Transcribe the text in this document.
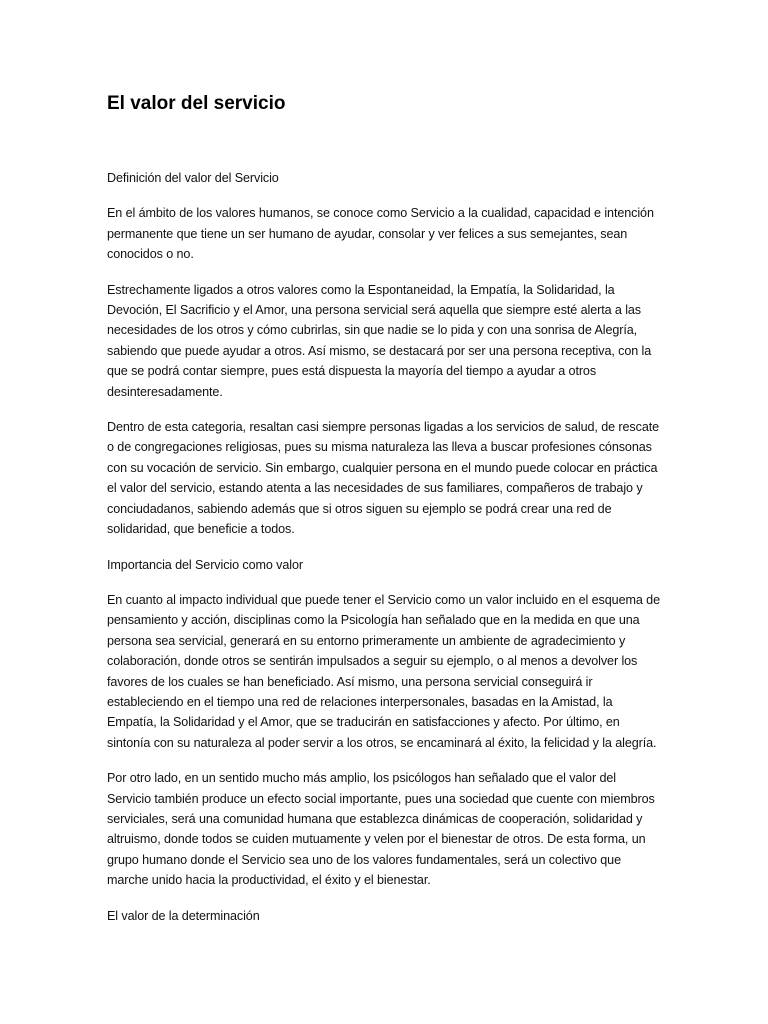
El valor del servicio

Definición del valor del Servicio

En el ámbito de los valores humanos, se conoce como Servicio a la cualidad, capacidad e intención permanente que tiene un ser humano de ayudar, consolar y ver felices a sus semejantes, sean conocidos o no.

Estrechamente ligados a otros valores como la Espontaneidad, la Empatía, la Solidaridad, la Devoción, El Sacrificio y el Amor, una persona servicial será aquella que siempre esté alerta a las necesidades de los otros y cómo cubrirlas, sin que nadie se lo pida y con una sonrisa de Alegría, sabiendo que puede ayudar a otros. Así mismo, se destacará por ser una persona receptiva, con la que se podrá contar siempre, pues está dispuesta la mayoría del tiempo a ayudar a otros desinteresadamente.

Dentro de esta categoria, resaltan casi siempre personas ligadas a los servicios de salud, de rescate o de congregaciones religiosas, pues su misma naturaleza las lleva a buscar profesiones cónsonas con su vocación de servicio. Sin embargo, cualquier persona en el mundo puede colocar en práctica el valor del servicio, estando atenta a las necesidades de sus familiares, compañeros de trabajo y conciudadanos, sabiendo además que si otros siguen su ejemplo se podrá crear una red de solidaridad, que beneficie a todos.

Importancia del Servicio como valor

En cuanto al impacto individual que puede tener el Servicio como un valor incluido en el esquema de pensamiento y acción, disciplinas como la Psicología han señalado que en la medida en que una persona sea servicial, generará en su entorno primeramente un ambiente de agradecimiento y colaboración, donde otros se sentirán impulsados a seguir su ejemplo, o al menos a devolver los favores de los cuales se han beneficiado. Así mismo, una persona servicial conseguirá ir estableciendo en el tiempo una red de relaciones interpersonales, basadas en la Amistad, la Empatía, la Solidaridad y el Amor, que se traducirán en satisfacciones y afecto. Por último, en sintonía con su naturaleza al poder servir a los otros, se encaminará al éxito, la felicidad y la alegría.

Por otro lado, en un sentido mucho más amplio, los psicólogos han señalado que el valor del Servicio también produce un efecto social importante, pues una sociedad que cuente con miembros serviciales, será una comunidad humana que establezca dinámicas de cooperación, solidaridad y altruismo, donde todos se cuiden mutuamente y velen por el bienestar de otros. De esta forma, un grupo humano donde el Servicio sea uno de los valores fundamentales, será un colectivo que marche unido hacia la productividad, el éxito y el bienestar.

El valor de la determinación
